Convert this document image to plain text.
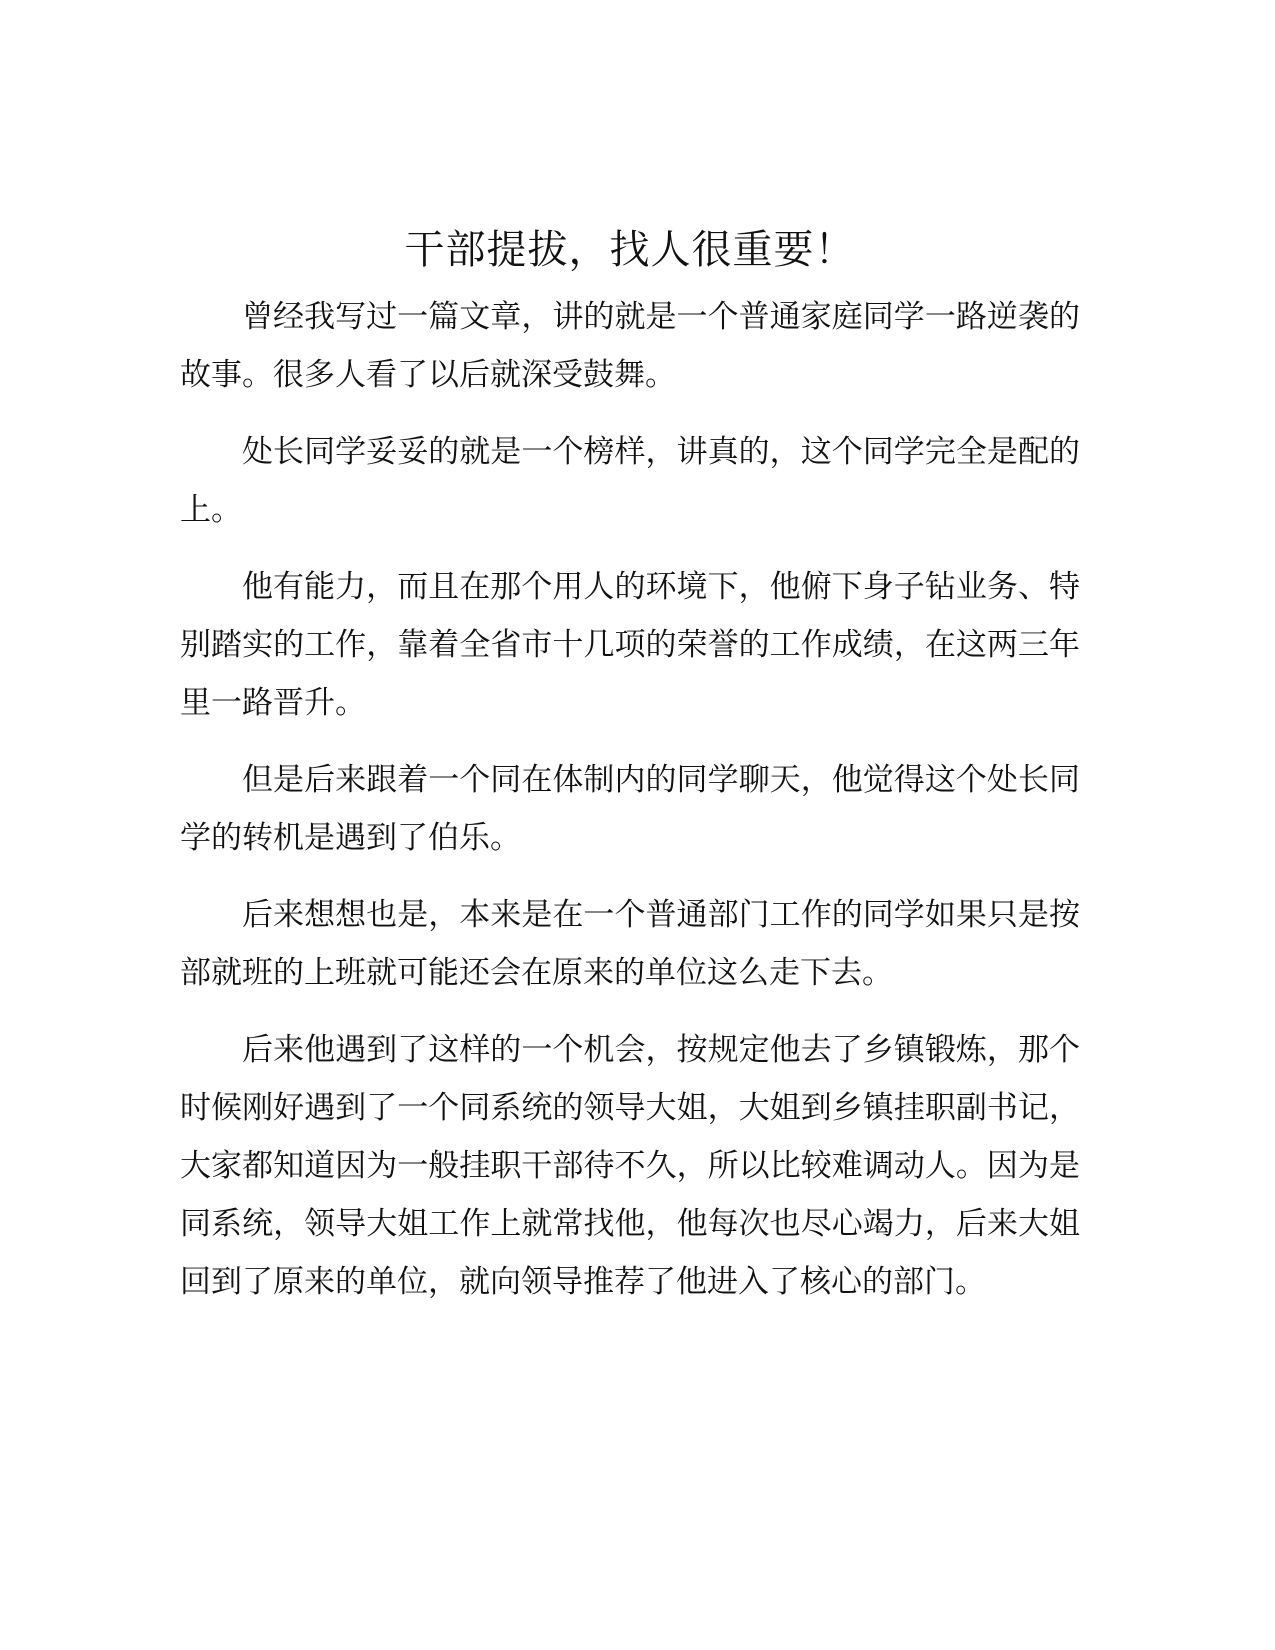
干部提拔，找人很重要！

曾经我写过一篇文章，讲的就是一个普通家庭同学一路逆袭的故事。很多人看了以后就深受鼓舞。

处长同学妥妥的就是一个榜样，讲真的，这个同学完全是配的上。

他有能力，而且在那个用人的环境下，他俯下身子钻业务、特别踏实的工作，靠着全省市十几项的荣誉的工作成绩，在这两三年里一路晋升。

但是后来跟着一个同在体制内的同学聊天，他觉得这个处长同学的转机是遇到了伯乐。

后来想想也是，本来是在一个普通部门工作的同学如果只是按部就班的上班就可能还会在原来的单位这么走下去。

后来他遇到了这样的一个机会，按规定他去了乡镇锻炼，那个时候刚好遇到了一个同系统的领导大姐，大姐到乡镇挂职副书记，大家都知道因为一般挂职干部待不久，所以比较难调动人。因为是同系统，领导大姐工作上就常找他，他每次也尽心竭力，后来大姐回到了原来的单位，就向领导推荐了他进入了核心的部门。
